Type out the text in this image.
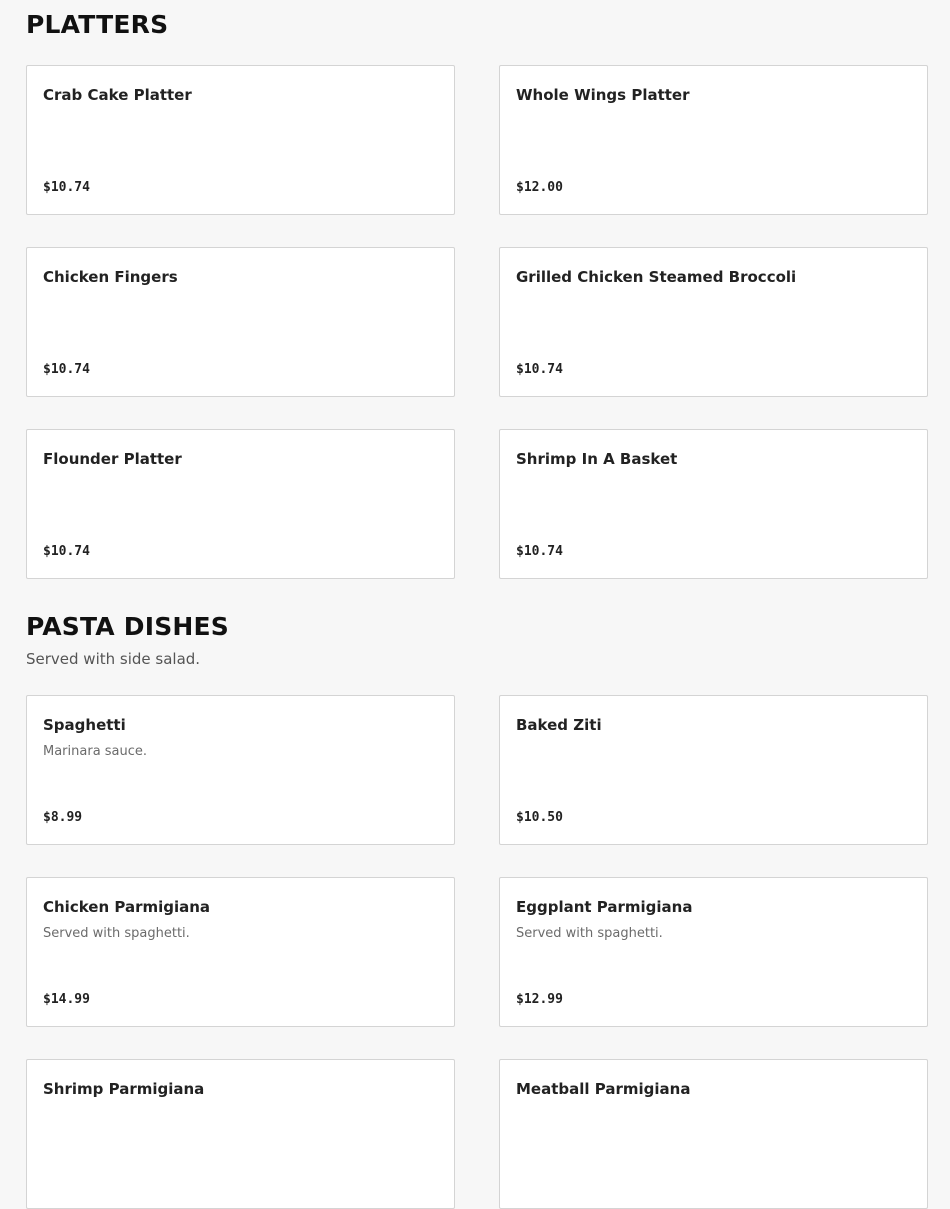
PLATTERS
Crab Cake Platter
$10.74
Whole Wings Platter
$12.00
Chicken Fingers
$10.74
Grilled Chicken Steamed Broccoli
$10.74
Flounder Platter
$10.74
Shrimp In A Basket
$10.74
PASTA DISHES
Served with side salad.
Spaghetti
Marinara sauce.
$8.99
Baked Ziti
$10.50
Chicken Parmigiana
Served with spaghetti.
$14.99
Eggplant Parmigiana
Served with spaghetti.
$12.99
Shrimp Parmigiana	Meatball Parmigiana
